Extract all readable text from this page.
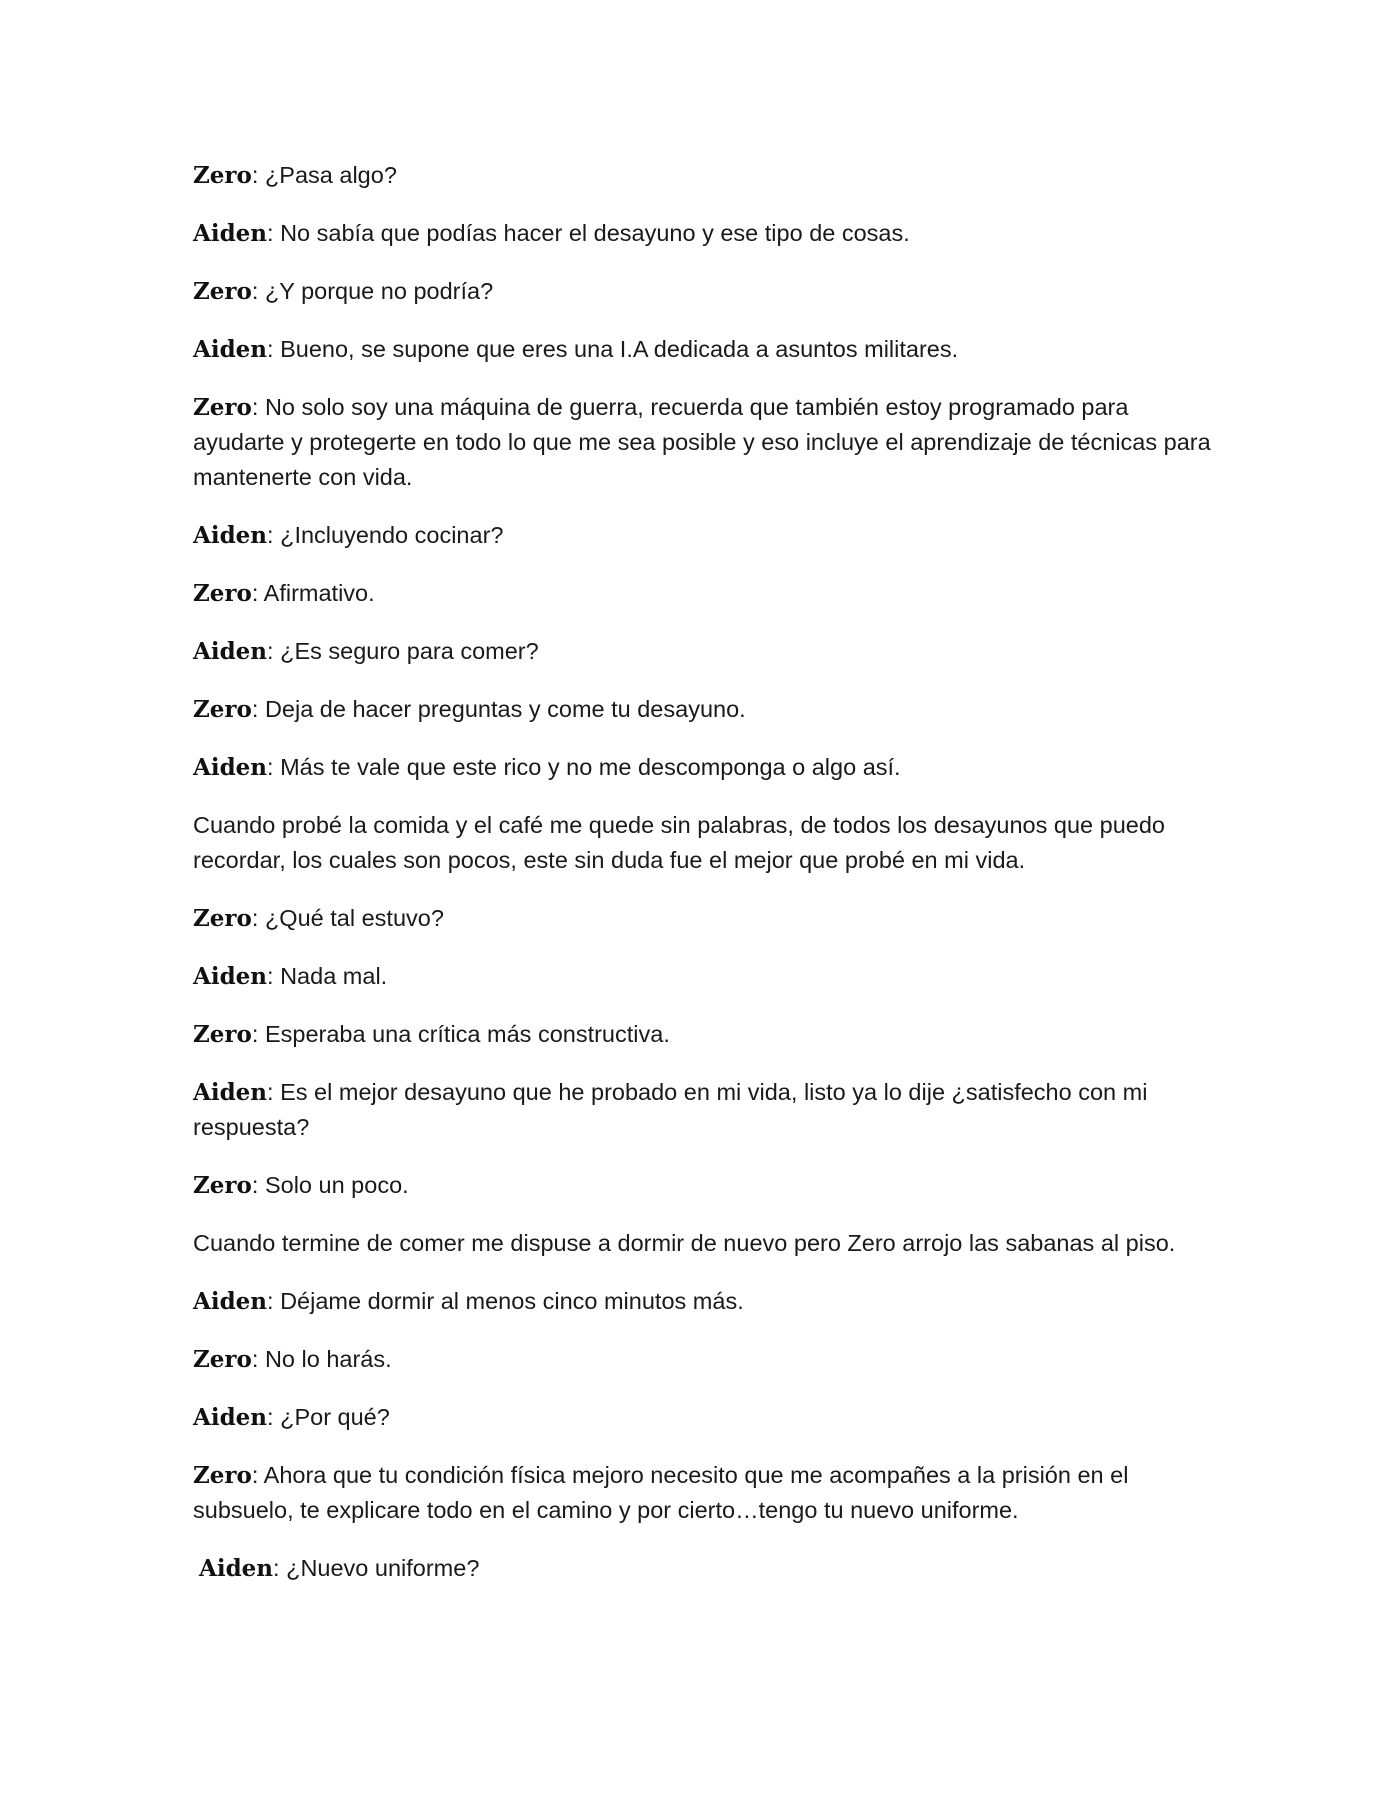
Zero: ¿Pasa algo?

Aiden: No sabía que podías hacer el desayuno y ese tipo de cosas.

Zero: ¿Y porque no podría?

Aiden: Bueno, se supone que eres una I.A dedicada a asuntos militares.

Zero: No solo soy una máquina de guerra, recuerda que también estoy programado para ayudarte y protegerte en todo lo que me sea posible y eso incluye el aprendizaje de técnicas para mantenerte con vida.

Aiden: ¿Incluyendo cocinar?

Zero: Afirmativo.

Aiden: ¿Es seguro para comer?

Zero: Deja de hacer preguntas y come tu desayuno.

Aiden: Más te vale que este rico y no me descomponga o algo así.

Cuando probé la comida y el café me quede sin palabras, de todos los desayunos que puedo recordar, los cuales son pocos, este sin duda fue el mejor que probé en mi vida.

Zero: ¿Qué tal estuvo?

Aiden: Nada mal.

Zero: Esperaba una crítica más constructiva.

Aiden: Es el mejor desayuno que he probado en mi vida, listo ya lo dije ¿satisfecho con mi respuesta?

Zero: Solo un poco.

Cuando termine de comer me dispuse a dormir de nuevo pero Zero arrojo las sabanas al piso.

Aiden: Déjame dormir al menos cinco minutos más.

Zero: No lo harás.

Aiden: ¿Por qué?

Zero: Ahora que tu condición física mejoro necesito que me acompañes a la prisión en el subsuelo, te explicare todo en el camino y por cierto…tengo tu nuevo uniforme.

Aiden: ¿Nuevo uniforme?
